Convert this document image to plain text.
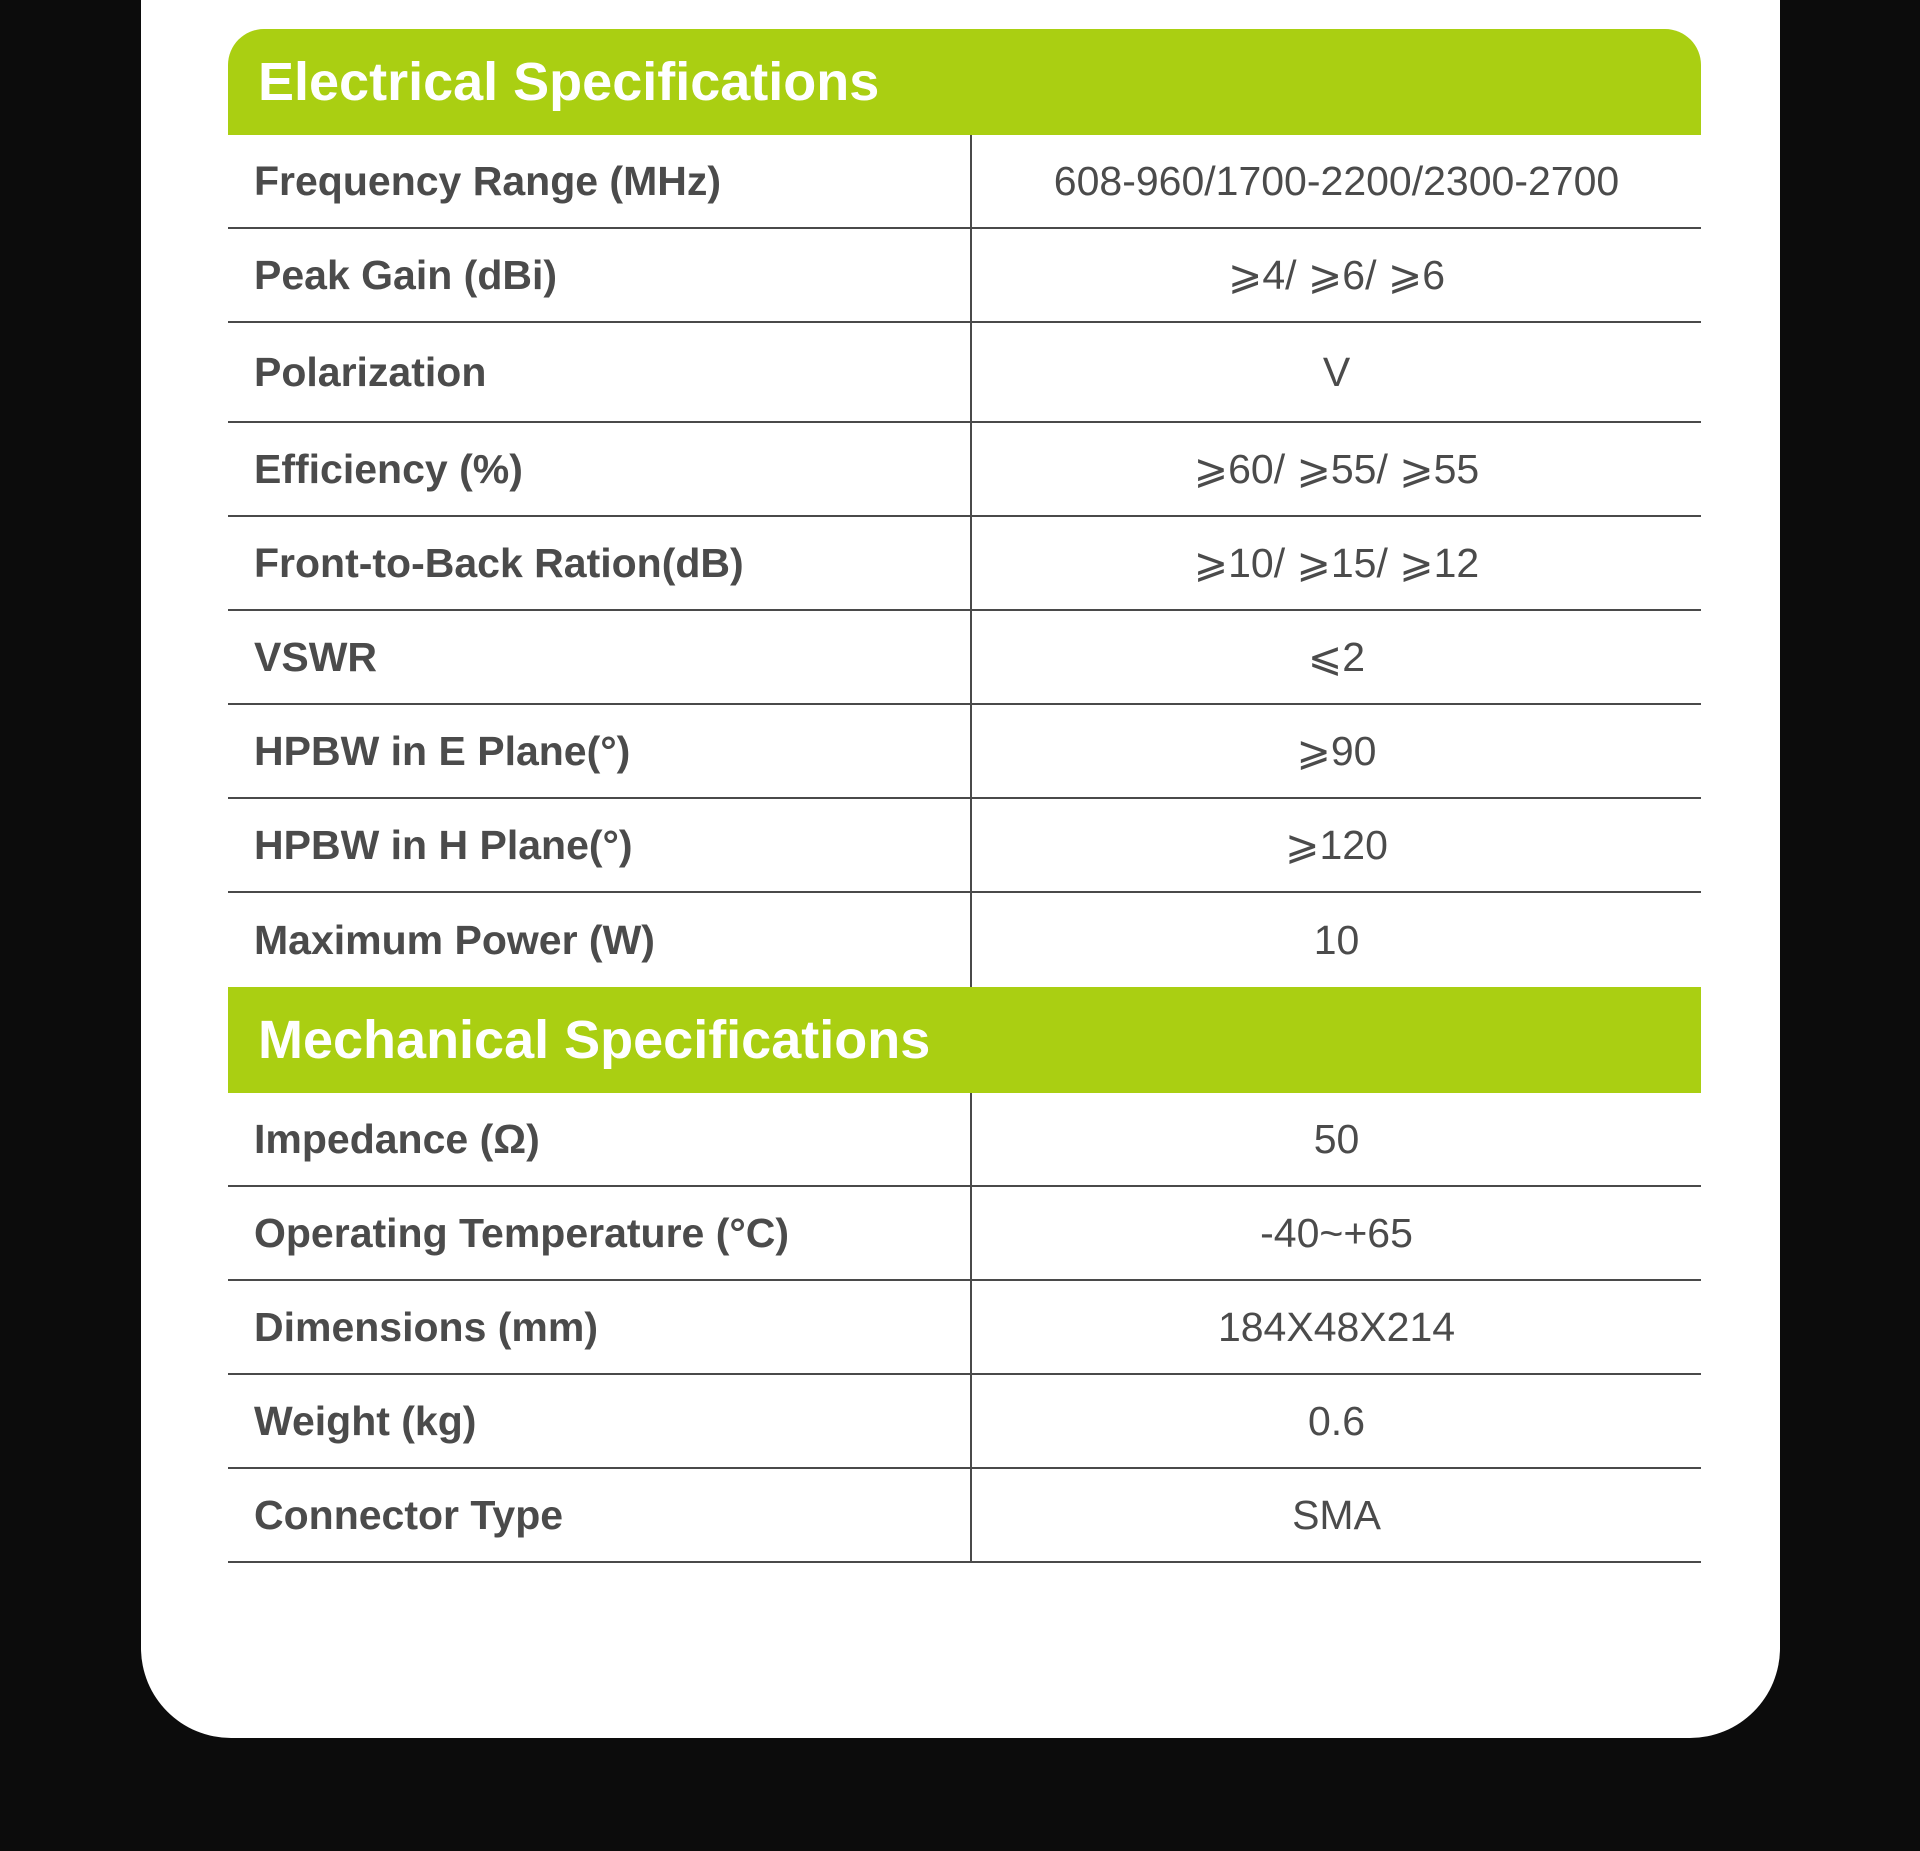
Electrical Specifications
Frequency Range (MHz)	608-960/1700-2200/2300-2700
Peak Gain (dBi)	⩾4/ ⩾6/ ⩾6
Polarization	V
Efficiency (%)	⩾60/ ⩾55/ ⩾55
Front-to-Back Ration(dB)	⩾10/ ⩾15/ ⩾12
VSWR	⩽2
HPBW in E Plane(°)	⩾90
HPBW in H Plane(°)	⩾120
Maximum Power (W)	10
Mechanical Specifications
Impedance (Ω)	50
Operating Temperature (°C)	-40~+65
Dimensions (mm)	184X48X214
Weight (kg)	0.6
Connector Type	SMA
